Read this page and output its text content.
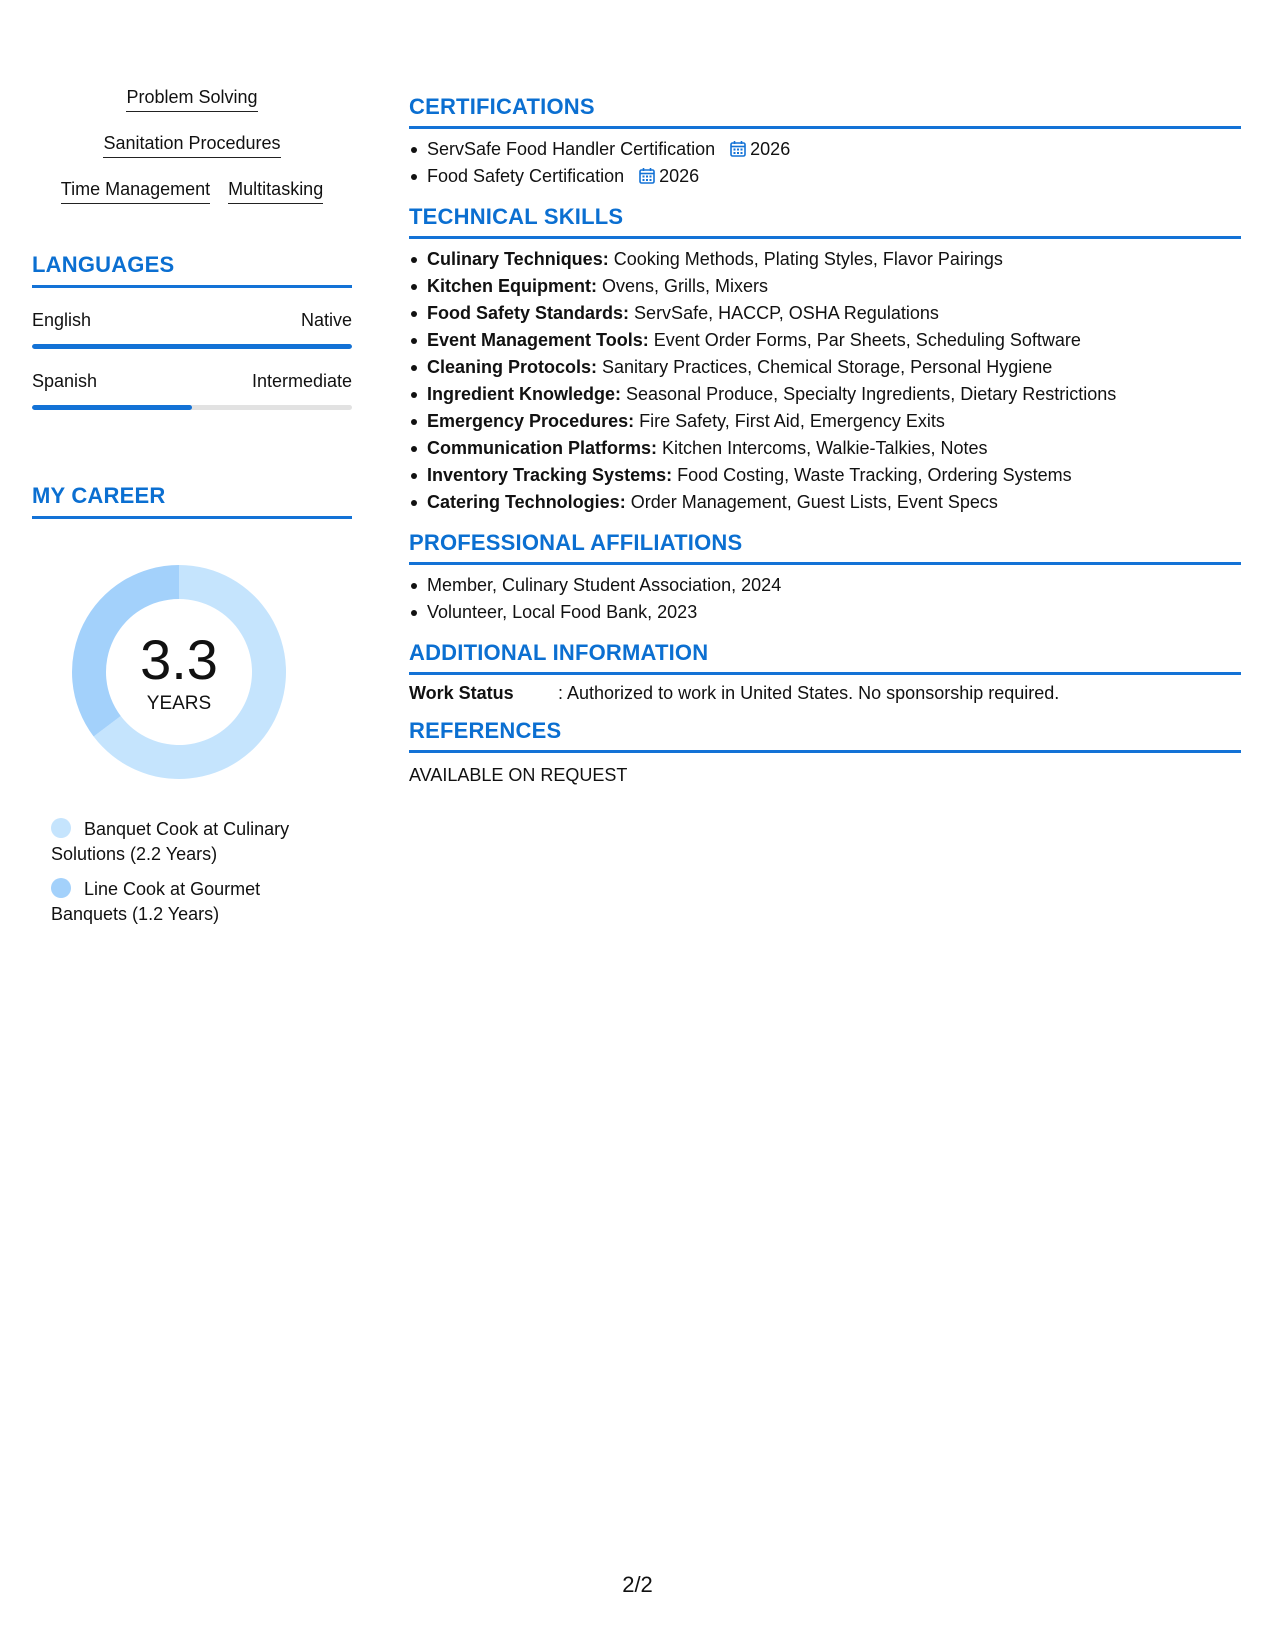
Problem Solving
Sanitation Procedures
Time Management Multitasking
LANGUAGES
English	Native
Spanish	Intermediate
MY CAREER
3.3
YEARS
Banquet Cook at Culinary Solutions (2.2 Years)
Line Cook at Gourmet Banquets (1.2 Years)
CERTIFICATIONS
ServSafe Food Handler Certification 2026
Food Safety Certification 2026
TECHNICAL SKILLS
Culinary Techniques: Cooking Methods, Plating Styles, Flavor Pairings
Kitchen Equipment: Ovens, Grills, Mixers
Food Safety Standards: ServSafe, HACCP, OSHA Regulations
Event Management Tools: Event Order Forms, Par Sheets, Scheduling Software
Cleaning Protocols: Sanitary Practices, Chemical Storage, Personal Hygiene
Ingredient Knowledge: Seasonal Produce, Specialty Ingredients, Dietary Restrictions
Emergency Procedures: Fire Safety, First Aid, Emergency Exits
Communication Platforms: Kitchen Intercoms, Walkie-Talkies, Notes
Inventory Tracking Systems: Food Costing, Waste Tracking, Ordering Systems
Catering Technologies: Order Management, Guest Lists, Event Specs
PROFESSIONAL AFFILIATIONS
Member, Culinary Student Association, 2024
Volunteer, Local Food Bank, 2023
ADDITIONAL INFORMATION
Work Status	: Authorized to work in United States. No sponsorship required.
REFERENCES
AVAILABLE ON REQUEST
2/2
